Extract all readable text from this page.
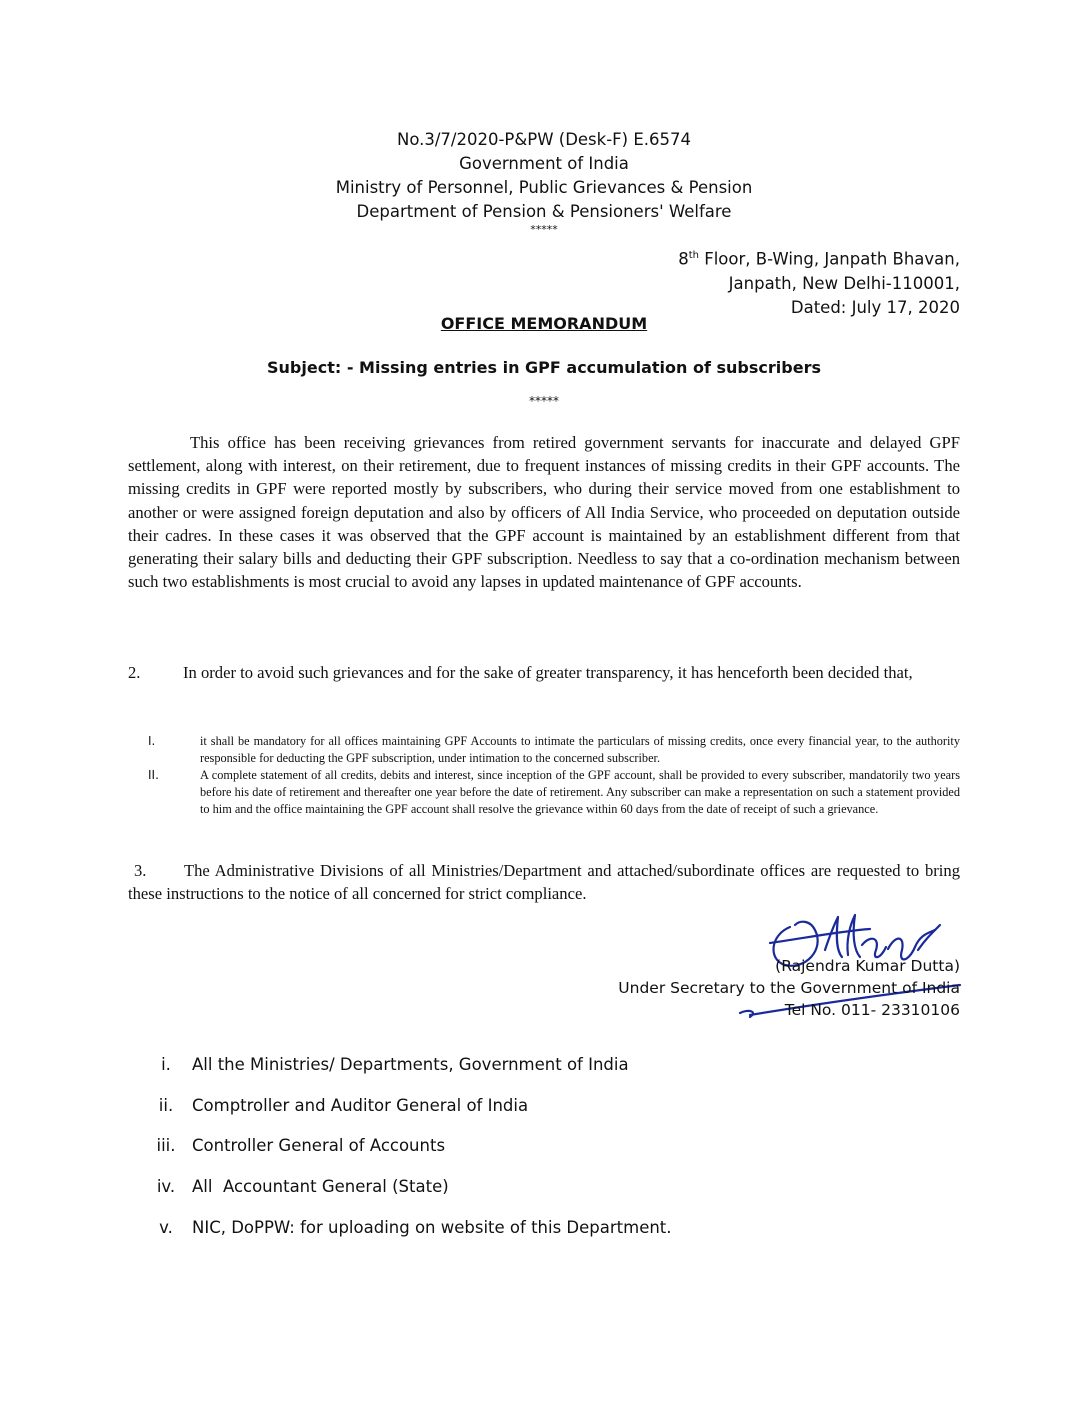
No.3/7/2020-P&PW (Desk-F) E.6574
Government of India
Ministry of Personnel, Public Grievances & Pension
Department of Pension & Pensioners' Welfare
*****
8th Floor, B-Wing, Janpath Bhavan,
Janpath, New Delhi-110001,
Dated: July 17, 2020
OFFICE MEMORANDUM
Subject: - Missing entries in GPF accumulation of subscribers
*****
This office has been receiving grievances from retired government servants for inaccurate and delayed GPF settlement, along with interest, on their retirement, due to frequent instances of missing credits in their GPF accounts. The missing credits in GPF were reported mostly by subscribers, who during their service moved from one establishment to another or were assigned foreign deputation and also by officers of All India Service, who proceeded on deputation outside their cadres. In these cases it was observed that the GPF account is maintained by an establishment different from that generating their salary bills and deducting their GPF subscription. Needless to say that a co-ordination mechanism between such two establishments is most crucial to avoid any lapses in updated maintenance of GPF accounts.
2.	In order to avoid such grievances and for the sake of greater transparency, it has henceforth been decided that,
I.	it shall be mandatory for all offices maintaining GPF Accounts to intimate the particulars of missing credits, once every financial year, to the authority responsible for deducting the GPF subscription, under intimation to the concerned subscriber.
II.	A complete statement of all credits, debits and interest, since inception of the GPF account, shall be provided to every subscriber, mandatorily two years before his date of retirement and thereafter one year before the date of retirement. Any subscriber can make a representation on such a statement provided to him and the office maintaining the GPF account shall resolve the grievance within 60 days from the date of receipt of such a grievance.
3. The Administrative Divisions of all Ministries/Department and attached/subordinate offices are requested to bring these instructions to the notice of all concerned for strict compliance.
(Rajendra Kumar Dutta)
Under Secretary to the Government of India
Tel No. 011- 23310106
i.	All the Ministries/ Departments, Government of India
ii.	Comptroller and Auditor General of India
iii.	Controller General of Accounts
iv.	All  Accountant General (State)
v.	NIC, DoPPW: for uploading on website of this Department.
